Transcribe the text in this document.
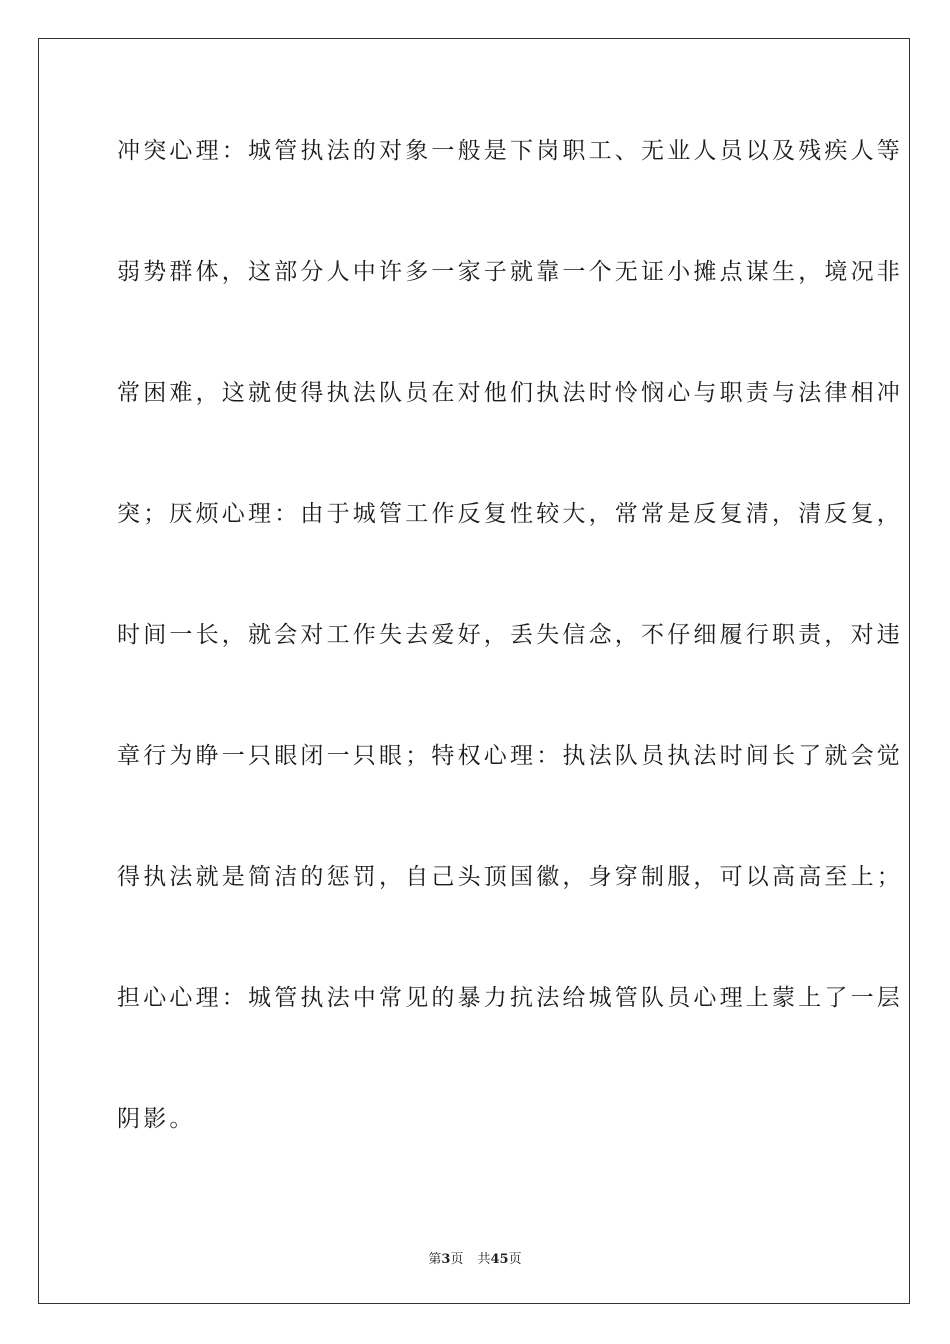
冲突心理：城管执法的对象一般是下岗职工、无业人员以及残疾人等
弱势群体，这部分人中许多一家子就靠一个无证小摊点谋生，境况非
常困难，这就使得执法队员在对他们执法时怜悯心与职责与法律相冲
突；厌烦心理：由于城管工作反复性较大，常常是反复清，清反复，
时间一长，就会对工作失去爱好，丢失信念，不仔细履行职责，对违
章行为睁一只眼闭一只眼；特权心理：执法队员执法时间长了就会觉
得执法就是简洁的惩罚，自己头顶国徽，身穿制服，可以高高至上；
担心心理：城管执法中常见的暴力抗法给城管队员心理上蒙上了一层
阴影。
第3页 共45页
